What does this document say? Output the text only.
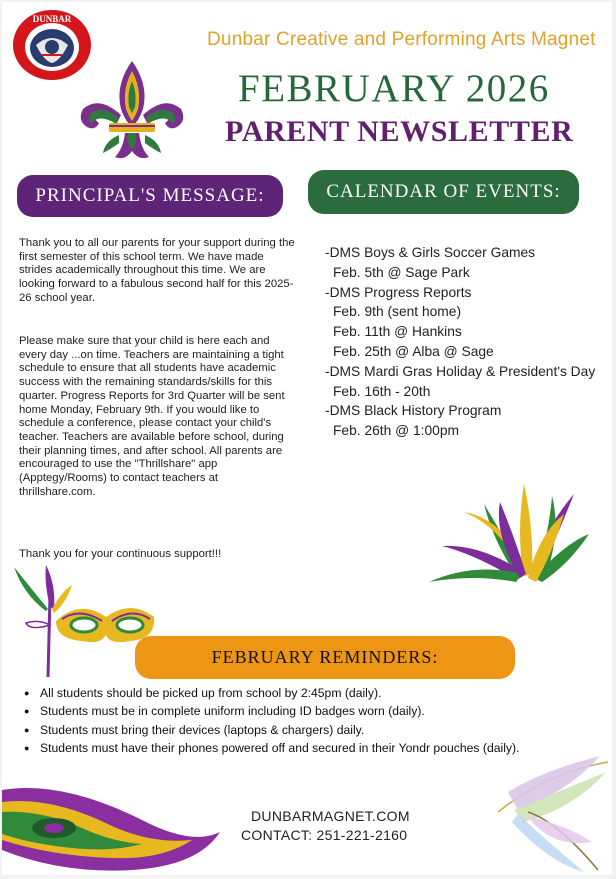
DUNBAR
Dunbar Creative and Performing Arts Magnet
FEBRUARY 2026
PARENT NEWSLETTER
PRINCIPAL'S MESSAGE:	CALENDAR OF EVENTS:
Thank you to all our parents for your support during the first semester of this school term. We have made strides academically throughout this time. We are looking forward to a fabulous second half for this 2025-26 school year.
Please make sure that your child is here each and every day ...on time. Teachers are maintaining a tight schedule to ensure that all students have academic success with the remaining standards/skills for this quarter. Progress Reports for 3rd Quarter will be sent home Monday, February 9th. If you would like to schedule a conference, please contact your child's teacher. Teachers are available before school, during their planning times, and after school. All parents are encouraged to use the "Thrillshare" app (Apptegy/Rooms) to contact teachers at thrillshare.com.
Thank you for your continuous support!!!
-DMS Boys & Girls Soccer Games
Feb. 5th @ Sage Park
-DMS Progress Reports
Feb. 9th (sent home)
Feb. 11th @ Hankins
Feb. 25th @ Alba @ Sage
-DMS Mardi Gras Holiday & President's Day
Feb. 16th - 20th
-DMS Black History Program
Feb. 26th @ 1:00pm
FEBRUARY REMINDERS:
● All students should be picked up from school by 2:45pm (daily).
● Students must be in complete uniform including ID badges worn (daily).
● Students must bring their devices (laptops & chargers) daily.
● Students must have their phones powered off and secured in their Yondr pouches (daily).
DUNBARMAGNET.COM
CONTACT: 251-221-2160
